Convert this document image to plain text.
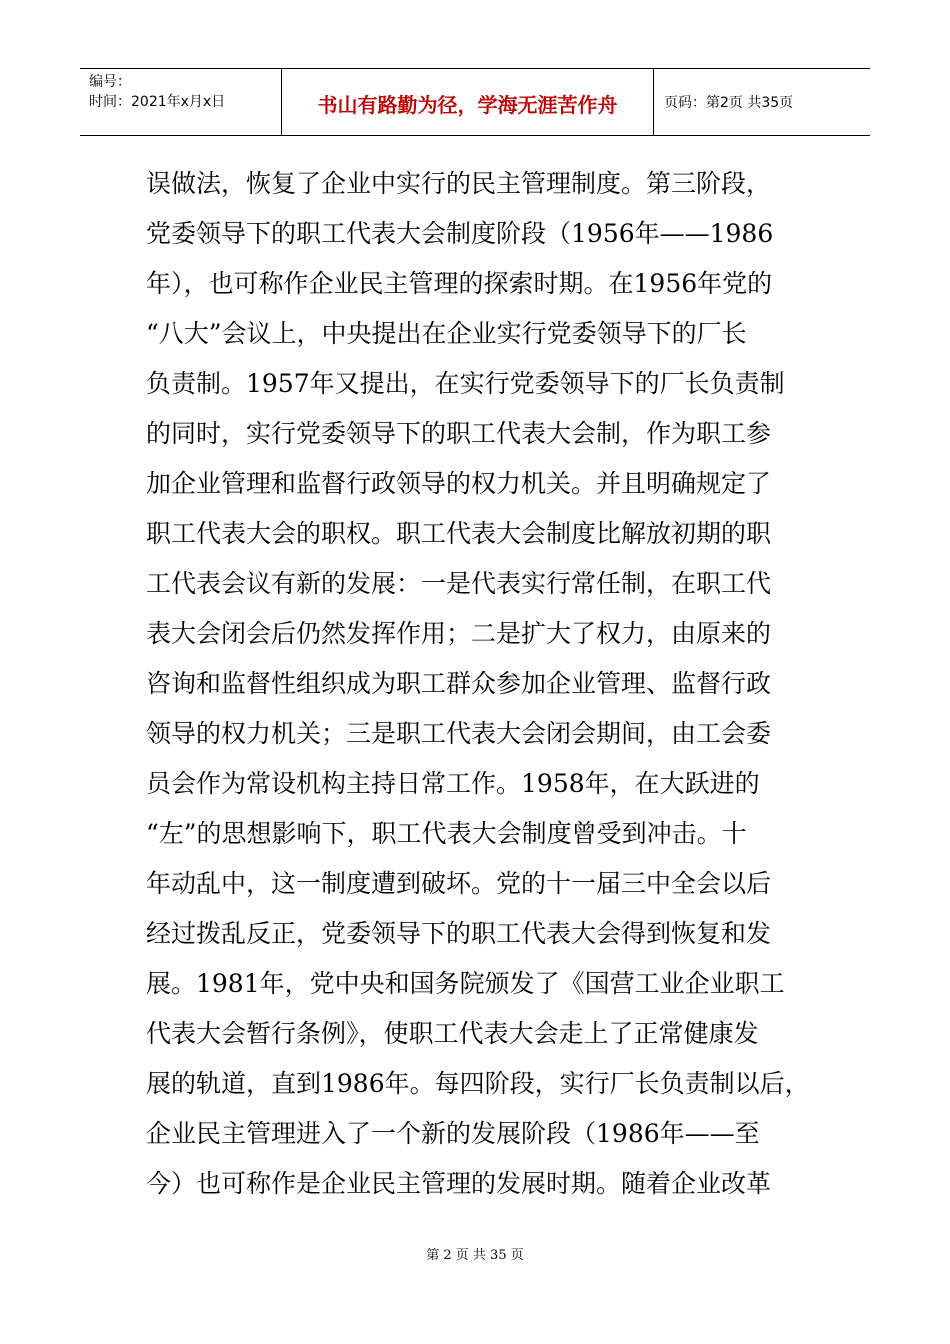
编号：
时间：2021年x月x日	书山有路勤为径，学海无涯苦作舟	页码：第2页 共35页
误做法，恢复了企业中实行的民主管理制度。第三阶段，
党委领导下的职工代表大会制度阶段（1956年——1986
年），也可称作企业民主管理的探索时期。在1956年党的
“八大”会议上，中央提出在企业实行党委领导下的厂长
负责制。1957年又提出，在实行党委领导下的厂长负责制
的同时，实行党委领导下的职工代表大会制，作为职工参
加企业管理和监督行政领导的权力机关。并且明确规定了
职工代表大会的职权。职工代表大会制度比解放初期的职
工代表会议有新的发展：一是代表实行常任制，在职工代
表大会闭会后仍然发挥作用；二是扩大了权力，由原来的
咨询和监督性组织成为职工群众参加企业管理、监督行政
领导的权力机关；三是职工代表大会闭会期间，由工会委
员会作为常设机构主持日常工作。1958年，在大跃进的
“左”的思想影响下，职工代表大会制度曾受到冲击。十
年动乱中，这一制度遭到破坏。党的十一届三中全会以后
经过拨乱反正，党委领导下的职工代表大会得到恢复和发
展。1981年，党中央和国务院颁发了《国营工业企业职工
代表大会暂行条例》，使职工代表大会走上了正常健康发
展的轨道，直到1986年。每四阶段，实行厂长负责制以后，
企业民主管理进入了一个新的发展阶段（1986年——至
今）也可称作是企业民主管理的发展时期。随着企业改革
第 2 页 共 35 页
